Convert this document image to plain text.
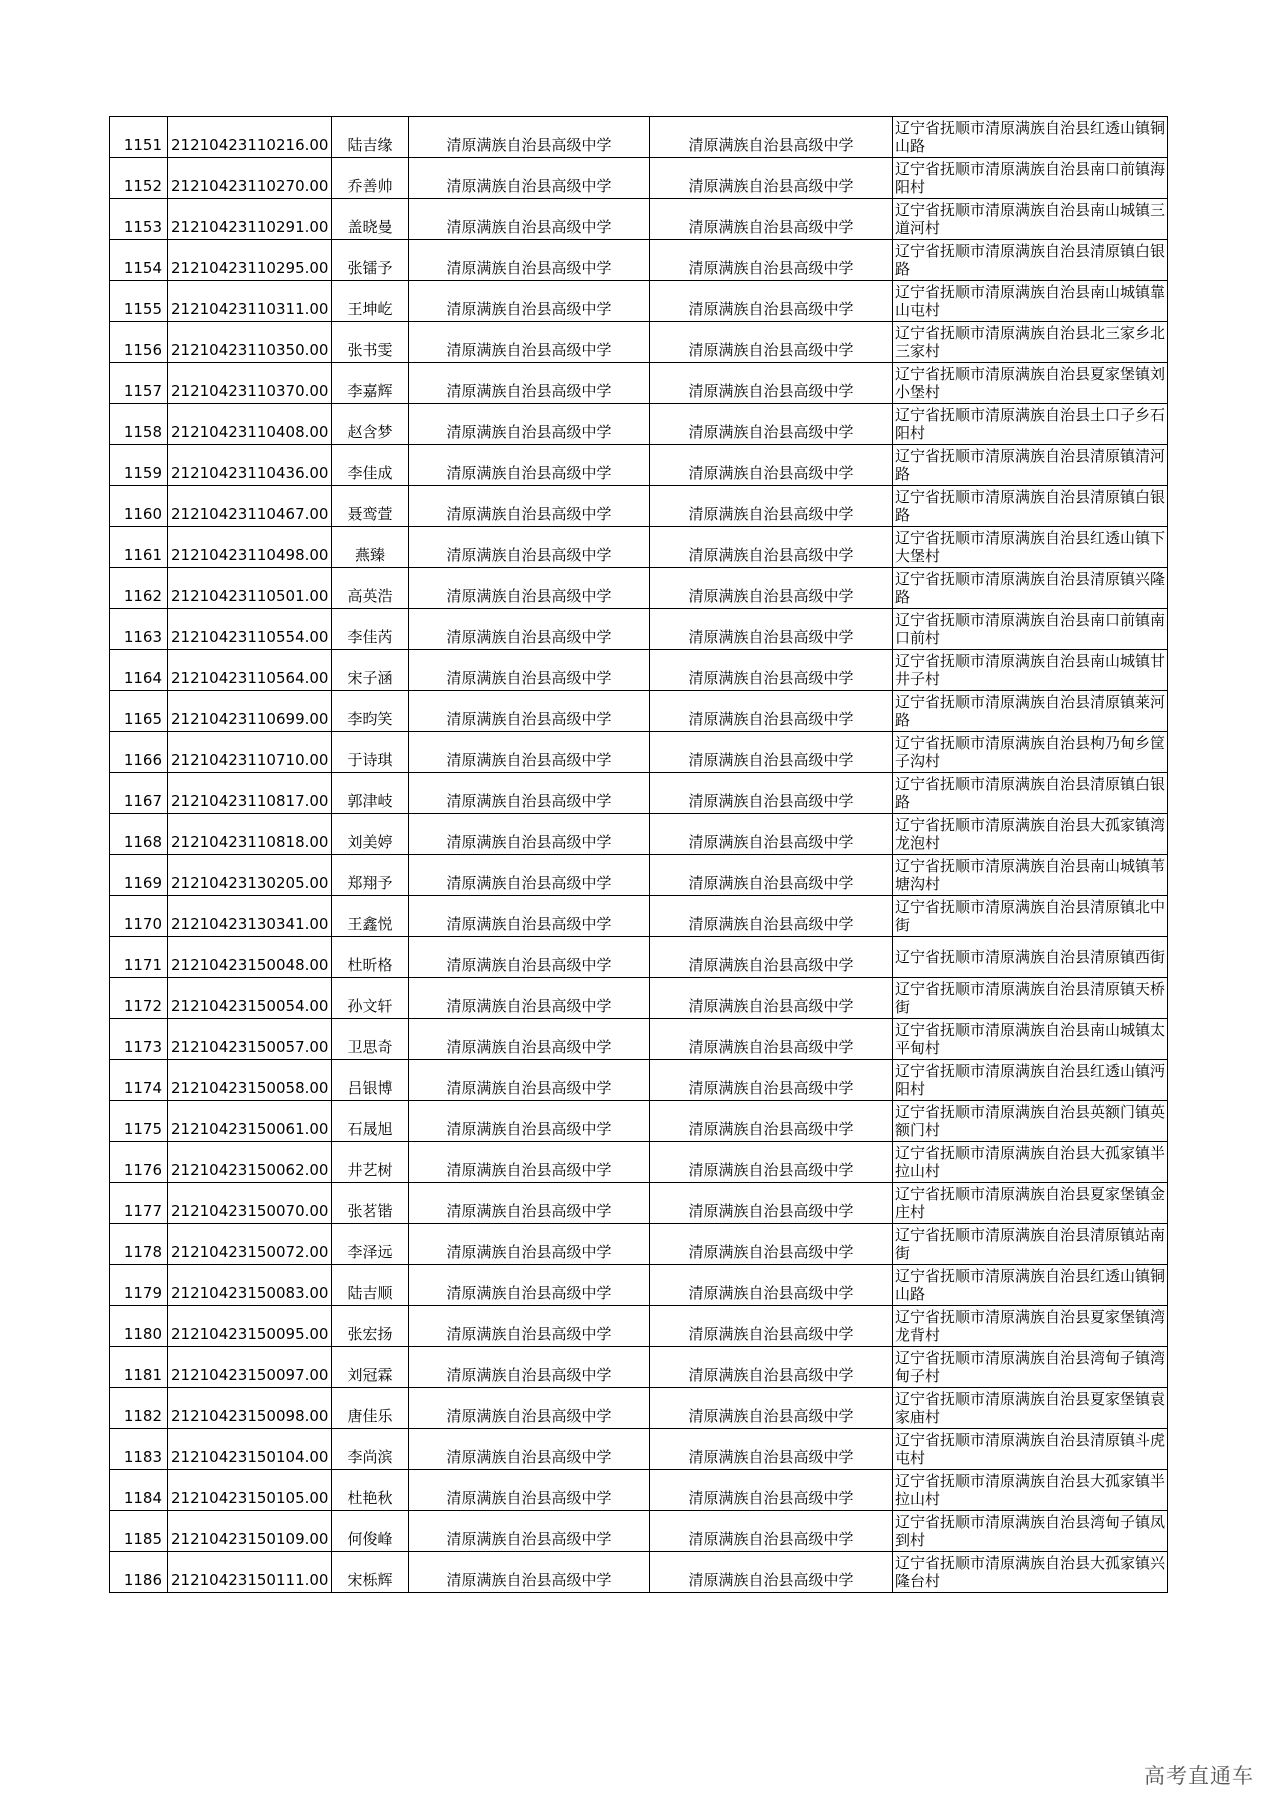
1151	21210423110216.00	陆吉缘	清原满族自治县高级中学	清原满族自治县高级中学	辽宁省抚顺市清原满族自治县红透山镇铜山路
1152	21210423110270.00	乔善帅	清原满族自治县高级中学	清原满族自治县高级中学	辽宁省抚顺市清原满族自治县南口前镇海阳村
1153	21210423110291.00	盖晓曼	清原满族自治县高级中学	清原满族自治县高级中学	辽宁省抚顺市清原满族自治县南山城镇三道河村
1154	21210423110295.00	张镭予	清原满族自治县高级中学	清原满族自治县高级中学	辽宁省抚顺市清原满族自治县清原镇白银路
1155	21210423110311.00	王坤屹	清原满族自治县高级中学	清原满族自治县高级中学	辽宁省抚顺市清原满族自治县南山城镇靠山屯村
1156	21210423110350.00	张书雯	清原满族自治县高级中学	清原满族自治县高级中学	辽宁省抚顺市清原满族自治县北三家乡北三家村
1157	21210423110370.00	李嘉辉	清原满族自治县高级中学	清原满族自治县高级中学	辽宁省抚顺市清原满族自治县夏家堡镇刘小堡村
1158	21210423110408.00	赵含梦	清原满族自治县高级中学	清原满族自治县高级中学	辽宁省抚顺市清原满族自治县土口子乡石阳村
1159	21210423110436.00	李佳成	清原满族自治县高级中学	清原满族自治县高级中学	辽宁省抚顺市清原满族自治县清原镇清河路
1160	21210423110467.00	聂鸾萱	清原满族自治县高级中学	清原满族自治县高级中学	辽宁省抚顺市清原满族自治县清原镇白银路
1161	21210423110498.00	燕臻	清原满族自治县高级中学	清原满族自治县高级中学	辽宁省抚顺市清原满族自治县红透山镇下大堡村
1162	21210423110501.00	高英浩	清原满族自治县高级中学	清原满族自治县高级中学	辽宁省抚顺市清原满族自治县清原镇兴隆路
1163	21210423110554.00	李佳芮	清原满族自治县高级中学	清原满族自治县高级中学	辽宁省抚顺市清原满族自治县南口前镇南口前村
1164	21210423110564.00	宋子涵	清原满族自治县高级中学	清原满族自治县高级中学	辽宁省抚顺市清原满族自治县南山城镇甘井子村
1165	21210423110699.00	李昀笑	清原满族自治县高级中学	清原满族自治县高级中学	辽宁省抚顺市清原满族自治县清原镇莱河路
1166	21210423110710.00	于诗琪	清原满族自治县高级中学	清原满族自治县高级中学	辽宁省抚顺市清原满族自治县枸乃甸乡筐子沟村
1167	21210423110817.00	郭津岐	清原满族自治县高级中学	清原满族自治县高级中学	辽宁省抚顺市清原满族自治县清原镇白银路
1168	21210423110818.00	刘美婷	清原满族自治县高级中学	清原满族自治县高级中学	辽宁省抚顺市清原满族自治县大孤家镇湾龙泡村
1169	21210423130205.00	郑翔予	清原满族自治县高级中学	清原满族自治县高级中学	辽宁省抚顺市清原满族自治县南山城镇苇塘沟村
1170	21210423130341.00	王鑫悦	清原满族自治县高级中学	清原满族自治县高级中学	辽宁省抚顺市清原满族自治县清原镇北中街
1171	21210423150048.00	杜昕格	清原满族自治县高级中学	清原满族自治县高级中学	辽宁省抚顺市清原满族自治县清原镇西街
1172	21210423150054.00	孙文轩	清原满族自治县高级中学	清原满族自治县高级中学	辽宁省抚顺市清原满族自治县清原镇天桥街
1173	21210423150057.00	卫思奇	清原满族自治县高级中学	清原满族自治县高级中学	辽宁省抚顺市清原满族自治县南山城镇太平甸村
1174	21210423150058.00	吕银博	清原满族自治县高级中学	清原满族自治县高级中学	辽宁省抚顺市清原满族自治县红透山镇沔阳村
1175	21210423150061.00	石晟旭	清原满族自治县高级中学	清原满族自治县高级中学	辽宁省抚顺市清原满族自治县英额门镇英额门村
1176	21210423150062.00	井艺树	清原满族自治县高级中学	清原满族自治县高级中学	辽宁省抚顺市清原满族自治县大孤家镇半拉山村
1177	21210423150070.00	张茗锴	清原满族自治县高级中学	清原满族自治县高级中学	辽宁省抚顺市清原满族自治县夏家堡镇金庄村
1178	21210423150072.00	李泽远	清原满族自治县高级中学	清原满族自治县高级中学	辽宁省抚顺市清原满族自治县清原镇站南街
1179	21210423150083.00	陆吉顺	清原满族自治县高级中学	清原满族自治县高级中学	辽宁省抚顺市清原满族自治县红透山镇铜山路
1180	21210423150095.00	张宏扬	清原满族自治县高级中学	清原满族自治县高级中学	辽宁省抚顺市清原满族自治县夏家堡镇湾龙背村
1181	21210423150097.00	刘冠霖	清原满族自治县高级中学	清原满族自治县高级中学	辽宁省抚顺市清原满族自治县湾甸子镇湾甸子村
1182	21210423150098.00	唐佳乐	清原满族自治县高级中学	清原满族自治县高级中学	辽宁省抚顺市清原满族自治县夏家堡镇袁家庙村
1183	21210423150104.00	李尚滨	清原满族自治县高级中学	清原满族自治县高级中学	辽宁省抚顺市清原满族自治县清原镇斗虎屯村
1184	21210423150105.00	杜艳秋	清原满族自治县高级中学	清原满族自治县高级中学	辽宁省抚顺市清原满族自治县大孤家镇半拉山村
1185	21210423150109.00	何俊峰	清原满族自治县高级中学	清原满族自治县高级中学	辽宁省抚顺市清原满族自治县湾甸子镇凤到村
1186	21210423150111.00	宋栎辉	清原满族自治县高级中学	清原满族自治县高级中学	辽宁省抚顺市清原满族自治县大孤家镇兴隆台村
高考直通车
